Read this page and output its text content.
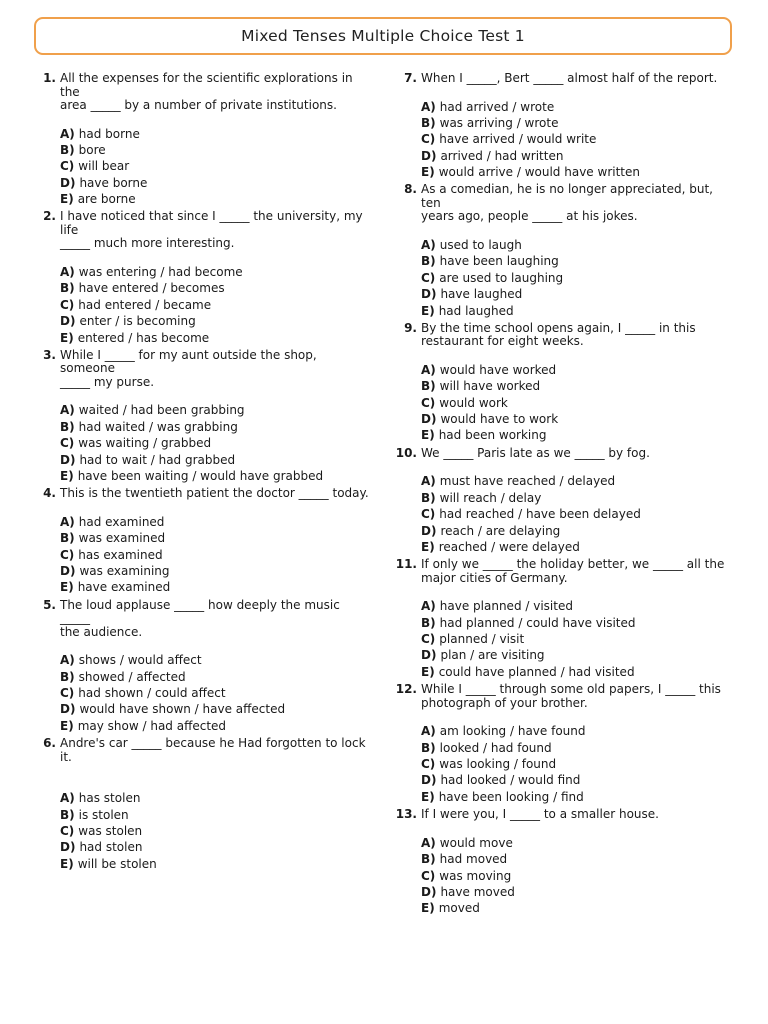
Mixed Tenses Multiple Choice Test 1
1. All the expenses for the scientific explorations in the
area _____ by a number of private institutions.

A) had borne
B) bore
C) will bear
D) have borne
E) are borne
2. I have noticed that since I _____ the university, my life
_____ much more interesting.

A) was entering / had become
B) have entered / becomes
C) had entered / became
D) enter / is becoming
E) entered / has become
3. While I _____ for my aunt outside the shop, someone
_____ my purse.

A) waited / had been grabbing
B) had waited / was grabbing
C) was waiting / grabbed
D) had to wait / had grabbed
E) have been waiting / would have grabbed
4. This is the twentieth patient the doctor _____ today.

A) had examined
B) was examined
C) has examined
D) was examining
E) have examined
5. The loud applause _____ how deeply the music _____
the audience.

A) shows / would affect
B) showed / affected
C) had shown / could affect
D) would have shown / have affected
E) may show / had affected
6. Andre's car _____ because he Had forgotten to lock it.

A) has stolen
B) is stolen
C) was stolen
D) had stolen
E) will be stolen
7. When I _____, Bert _____ almost half of the report.

A) had arrived / wrote
B) was arriving / wrote
C) have arrived / would write
D) arrived / had written
E) would arrive / would have written
8. As a comedian, he is no longer appreciated, but, ten
years ago, people _____ at his jokes.

A) used to laugh
B) have been laughing
C) are used to laughing
D) have laughed
E) had laughed
9. By the time school opens again, I _____ in this
restaurant for eight weeks.

A) would have worked
B) will have worked
C) would work
D) would have to work
E) had been working
10. We _____ Paris late as we _____ by fog.

A) must have reached / delayed
B) will reach / delay
C) had reached / have been delayed
D) reach / are delaying
E) reached / were delayed
11. If only we _____ the holiday better, we _____ all the
major cities of Germany.

A) have planned / visited
B) had planned / could have visited
C) planned / visit
D) plan / are visiting
E) could have planned / had visited
12. While I _____ through some old papers, I _____ this
photograph of your brother.

A) am looking / have found
B) looked / had found
C) was looking / found
D) had looked / would find
E) have been looking / find
13. If I were you, I _____ to a smaller house.

A) would move
B) had moved
C) was moving
D) have moved
E) moved
